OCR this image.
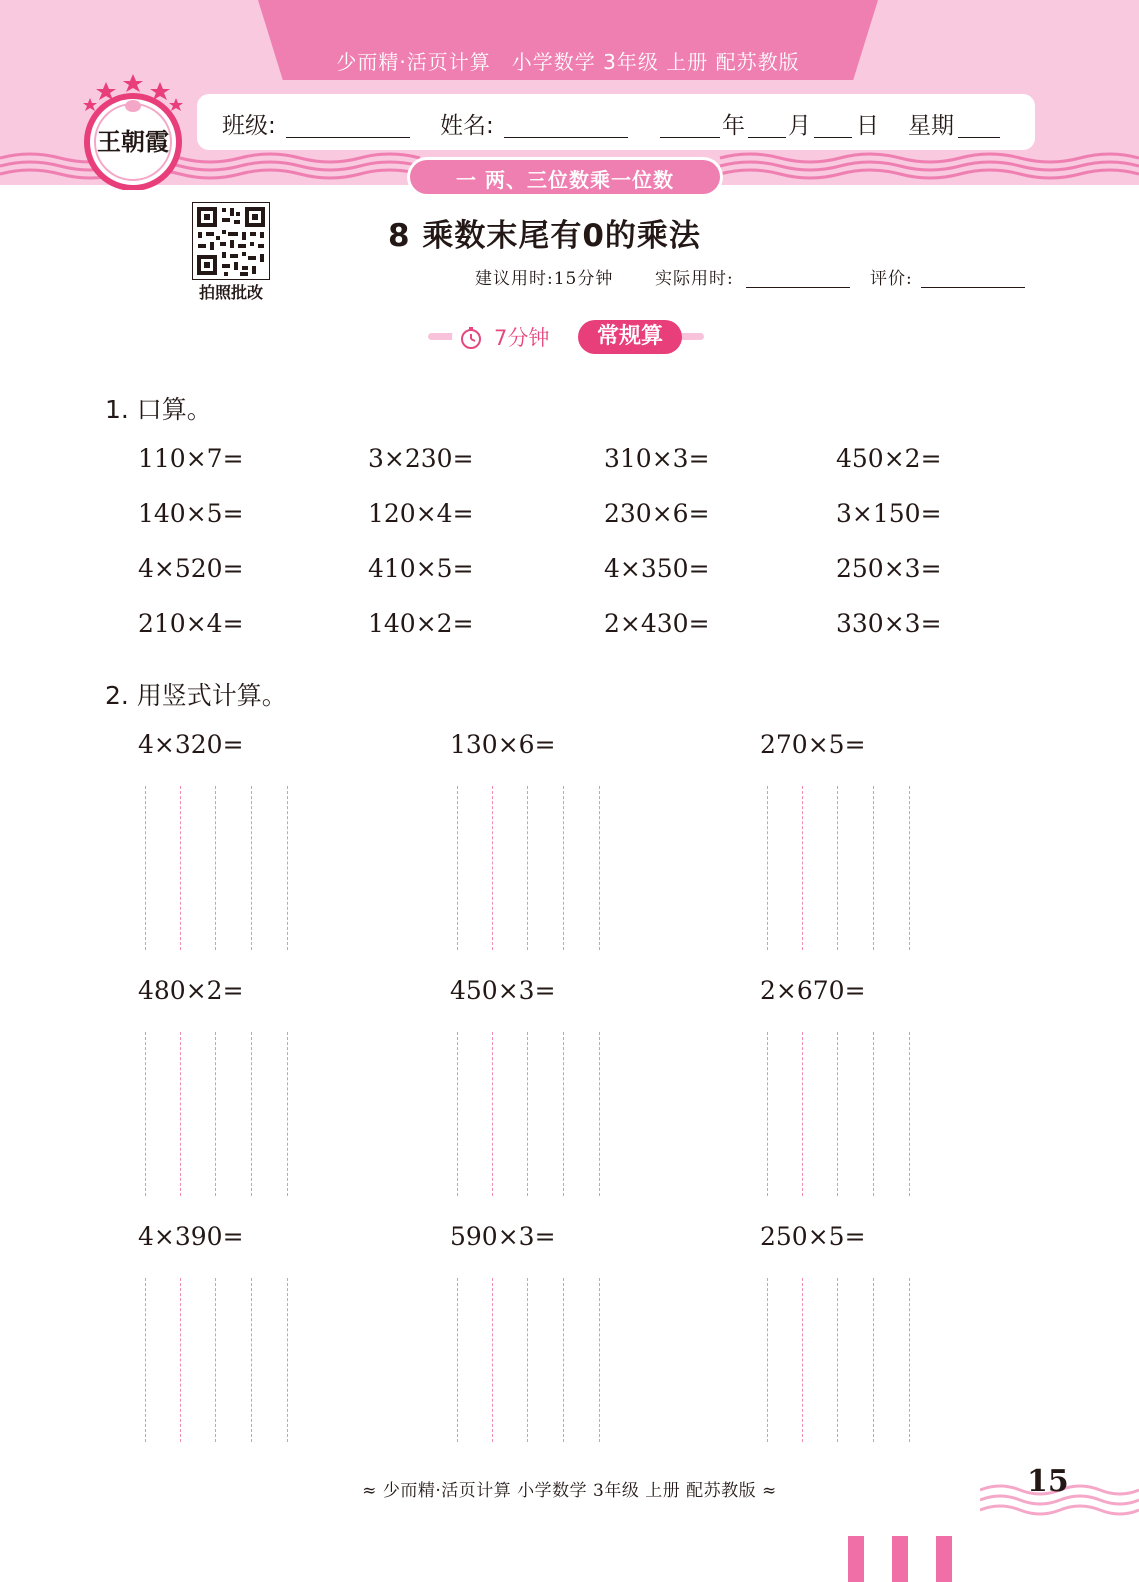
少而精·活页计算　小学数学 3年级 上册 配苏教版
王朝霞
班级:	姓名:	年 月 日 星期
一 两、三位数乘一位数
拍照批改
8 乘数末尾有0的乘法
建议用时:15分钟 实际用时:	评价:
7分钟	常规算
1. 口算。
110×7=	3×230=	310×3=	450×2=
140×5=	120×4=	230×6=	3×150=
4×520=	410×5=	4×350=	250×3=
210×4=	140×2=	2×430=	330×3=
2. 用竖式计算。
4×320=	130×6=	270×5=
480×2=	450×3=	2×670=
4×390=	590×3=	250×5=
≈ 少而精·活页计算 小学数学 3年级 上册 配苏教版 ≈	15
